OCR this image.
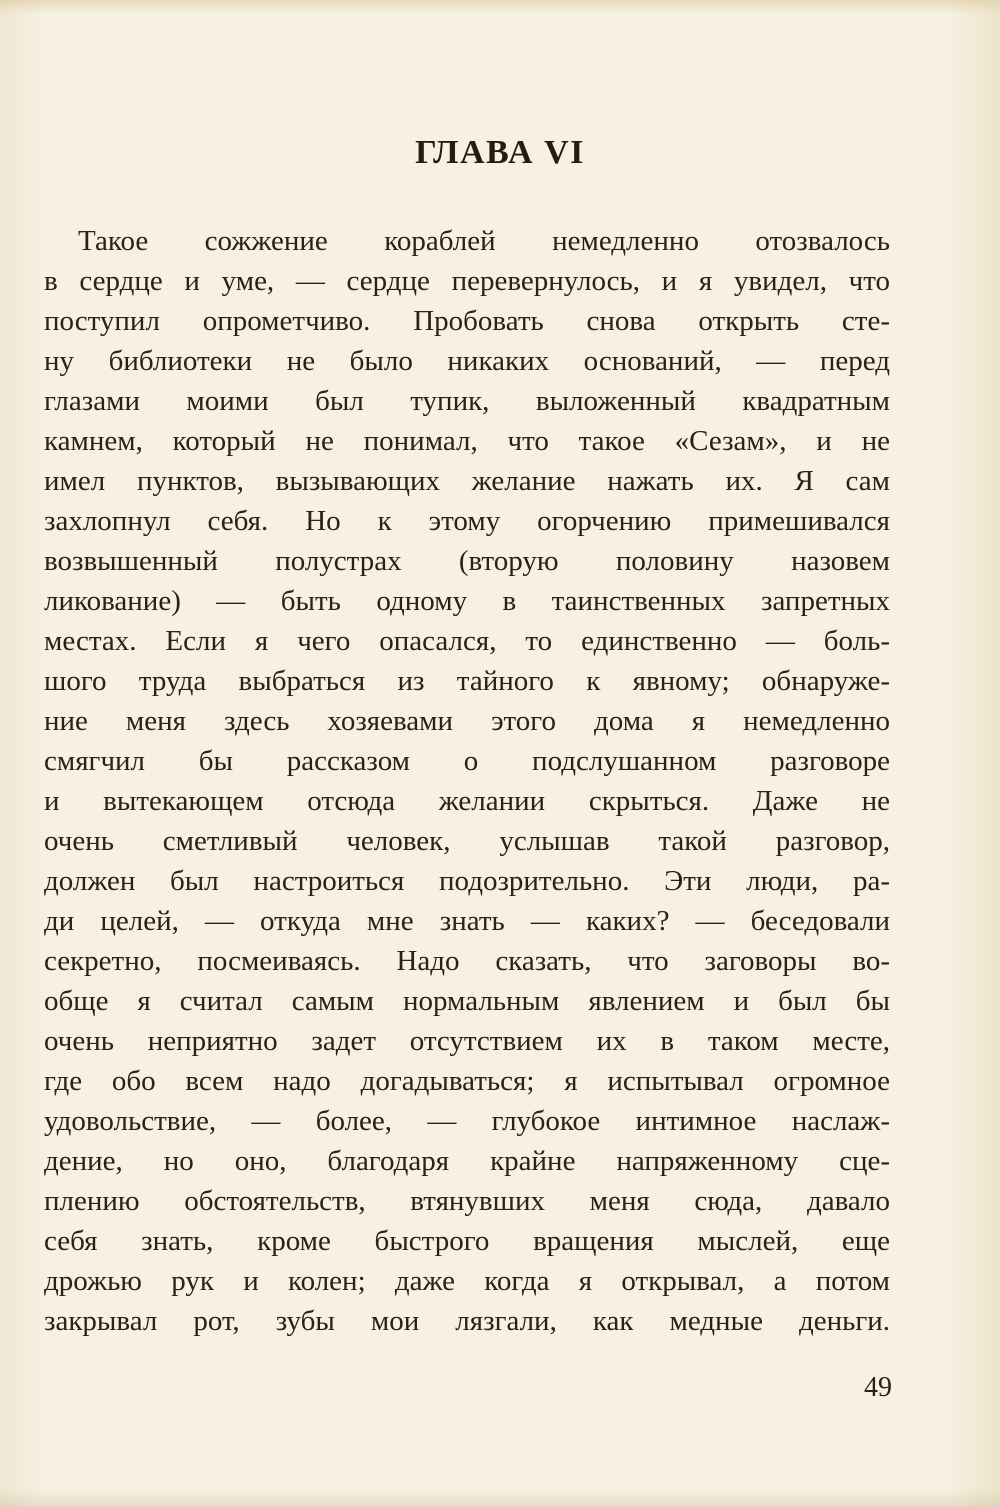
ГЛАВА VI
Такое сожжение кораблей немедленно отозвалось
в сердце и уме, — сердце перевернулось, и я увидел, что
поступил опрометчиво. Пробовать снова открыть сте-
ну библиотеки не было никаких оснований, — перед
глазами моими был тупик, выложенный квадратным
камнем, который не понимал, что такое «Сезам», и не
имел пунктов, вызывающих желание нажать их. Я сам
захлопнул себя. Но к этому огорчению примешивался
возвышенный полустрах (вторую половину назовем
ликование) — быть одному в таинственных запретных
местах. Если я чего опасался, то единственно — боль-
шого труда выбраться из тайного к явному; обнаруже-
ние меня здесь хозяевами этого дома я немедленно
смягчил бы рассказом о подслушанном разговоре
и вытекающем отсюда желании скрыться. Даже не
очень сметливый человек, услышав такой разговор,
должен был настроиться подозрительно. Эти люди, ра-
ди целей, — откуда мне знать — каких? — беседовали
секретно, посмеиваясь. Надо сказать, что заговоры во-
обще я считал самым нормальным явлением и был бы
очень неприятно задет отсутствием их в таком месте,
где обо всем надо догадываться; я испытывал огромное
удовольствие, — более, — глубокое интимное наслаж-
дение, но оно, благодаря крайне напряженному сце-
плению обстоятельств, втянувших меня сюда, давало
себя знать, кроме быстрого вращения мыслей, еще
дрожью рук и колен; даже когда я открывал, а потом
закрывал рот, зубы мои лязгали, как медные деньги.
49
